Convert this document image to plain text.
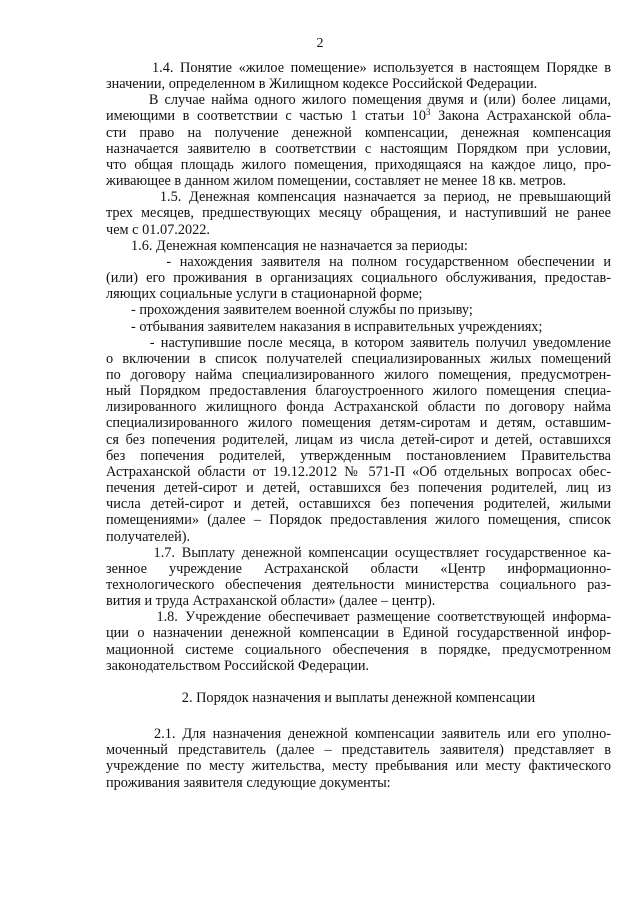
2
1.4. Понятие «жилое помещение» используется в настоящем Порядке в
значении, определенном в Жилищном кодексе Российской Федерации.
В случае найма одного жилого помещения двумя и (или) более лицами,
имеющими в соответствии с частью 1 статьи $10^3$ Закона Астраханской обла-
сти право на получение денежной компенсации, денежная компенсация
назначается заявителю в соответствии с настоящим Порядком при условии,
что общая площадь жилого помещения, приходящаяся на каждое лицо, про-
живающее в данном жилом помещении, составляет не менее 18 кв. метров.
1.5. Денежная компенсация назначается за период, не превышающий
трех месяцев, предшествующих месяцу обращения, и наступивший не ранее
чем с 01.07.2022.
1.6. Денежная компенсация не назначается за периоды:
- нахождения заявителя на полном государственном обеспечении и
(или) его проживания в организациях социального обслуживания, предостав-
ляющих социальные услуги в стационарной форме;
- прохождения заявителем военной службы по призыву;
- отбывания заявителем наказания в исправительных учреждениях;
- наступившие после месяца, в котором заявитель получил уведомление
о включении в список получателей специализированных жилых помещений
по договору найма специализированного жилого помещения, предусмотрен-
ный Порядком предоставления благоустроенного жилого помещения специа-
лизированного жилищного фонда Астраханской области по договору найма
специализированного жилого помещения детям-сиротам и детям, оставшим-
ся без попечения родителей, лицам из числа детей-сирот и детей, оставшихся
без попечения родителей, утвержденным постановлением Правительства
Астраханской области от 19.12.2012 № 571-П «Об отдельных вопросах обес-
печения детей-сирот и детей, оставшихся без попечения родителей, лиц из
числа детей-сирот и детей, оставшихся без попечения родителей, жилыми
помещениями» (далее – Порядок предоставления жилого помещения, список
получателей).
1.7. Выплату денежной компенсации осуществляет государственное ка-
зенное учреждение Астраханской области «Центр информационно-
технологического обеспечения деятельности министерства социального раз-
вития и труда Астраханской области» (далее – центр).
1.8. Учреждение обеспечивает размещение соответствующей информа-
ции о назначении денежной компенсации в Единой государственной инфор-
мационной системе социального обеспечения в порядке, предусмотренном
законодательством Российской Федерации.
2. Порядок назначения и выплаты денежной компенсации
2.1. Для назначения денежной компенсации заявитель или его уполно-
моченный представитель (далее – представитель заявителя) представляет в
учреждение по месту жительства, месту пребывания или месту фактического
проживания заявителя следующие документы:
